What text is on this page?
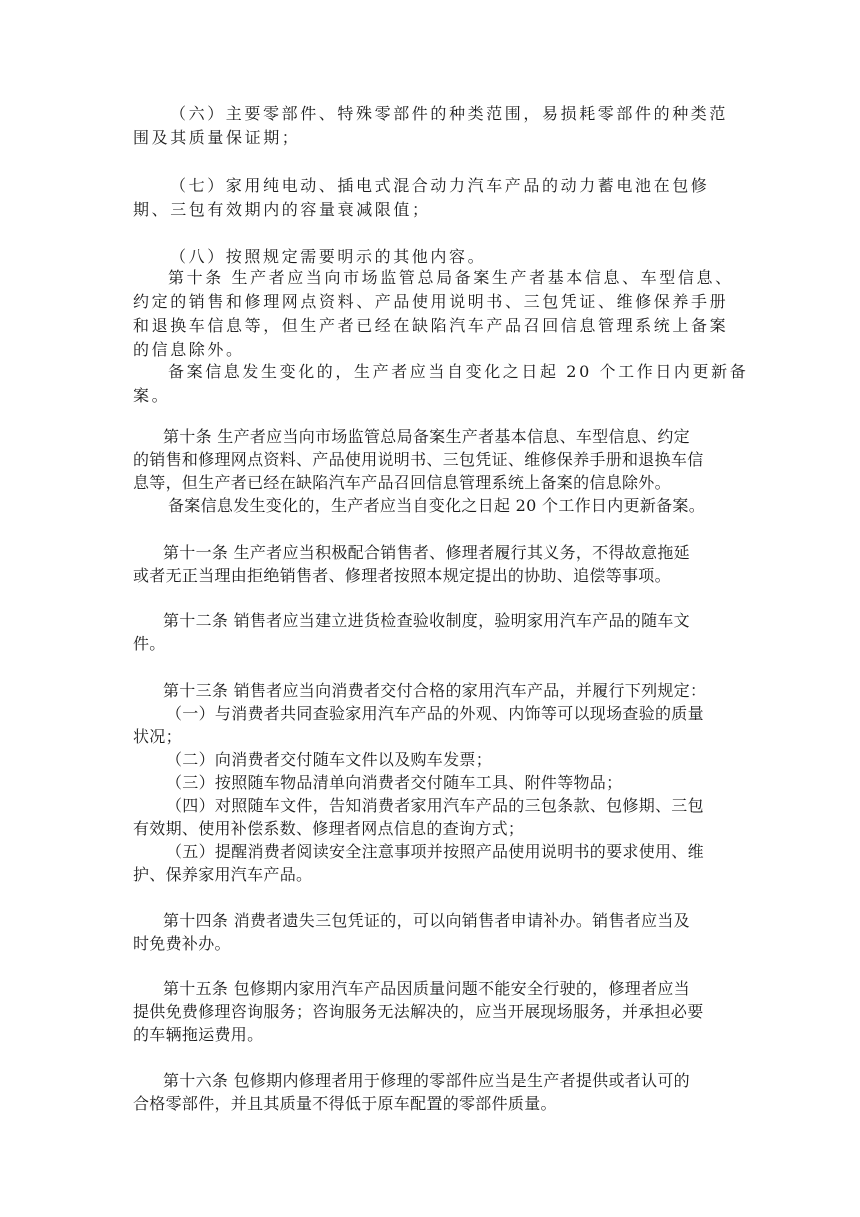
（六）主要零部件、特殊零部件的种类范围，易损耗零部件的种类范
围及其质量保证期；
（七）家用纯电动、插电式混合动力汽车产品的动力蓄电池在包修
期、三包有效期内的容量衰减限值；
（八）按照规定需要明示的其他内容。
第十条 生产者应当向市场监管总局备案生产者基本信息、车型信息、
约定的销售和修理网点资料、产品使用说明书、三包凭证、维修保养手册
和退换车信息等，但生产者已经在缺陷汽车产品召回信息管理系统上备案
的信息除外。
备案信息发生变化的，生产者应当自变化之日起 20 个工作日内更新备
案。
第十条 生产者应当向市场监管总局备案生产者基本信息、车型信息、约定
的销售和修理网点资料、产品使用说明书、三包凭证、维修保养手册和退换车信
息等，但生产者已经在缺陷汽车产品召回信息管理系统上备案的信息除外。
备案信息发生变化的，生产者应当自变化之日起 20 个工作日内更新备案。
第十一条 生产者应当积极配合销售者、修理者履行其义务，不得故意拖延
或者无正当理由拒绝销售者、修理者按照本规定提出的协助、追偿等事项。
第十二条 销售者应当建立进货检查验收制度，验明家用汽车产品的随车文
件。
第十三条 销售者应当向消费者交付合格的家用汽车产品，并履行下列规定：
（一）与消费者共同查验家用汽车产品的外观、内饰等可以现场查验的质量
状况；
（二）向消费者交付随车文件以及购车发票；
（三）按照随车物品清单向消费者交付随车工具、附件等物品；
（四）对照随车文件，告知消费者家用汽车产品的三包条款、包修期、三包
有效期、使用补偿系数、修理者网点信息的查询方式；
（五）提醒消费者阅读安全注意事项并按照产品使用说明书的要求使用、维
护、保养家用汽车产品。
第十四条 消费者遗失三包凭证的，可以向销售者申请补办。销售者应当及
时免费补办。
第十五条 包修期内家用汽车产品因质量问题不能安全行驶的，修理者应当
提供免费修理咨询服务；咨询服务无法解决的，应当开展现场服务，并承担必要
的车辆拖运费用。
第十六条 包修期内修理者用于修理的零部件应当是生产者提供或者认可的
合格零部件，并且其质量不得低于原车配置的零部件质量。
